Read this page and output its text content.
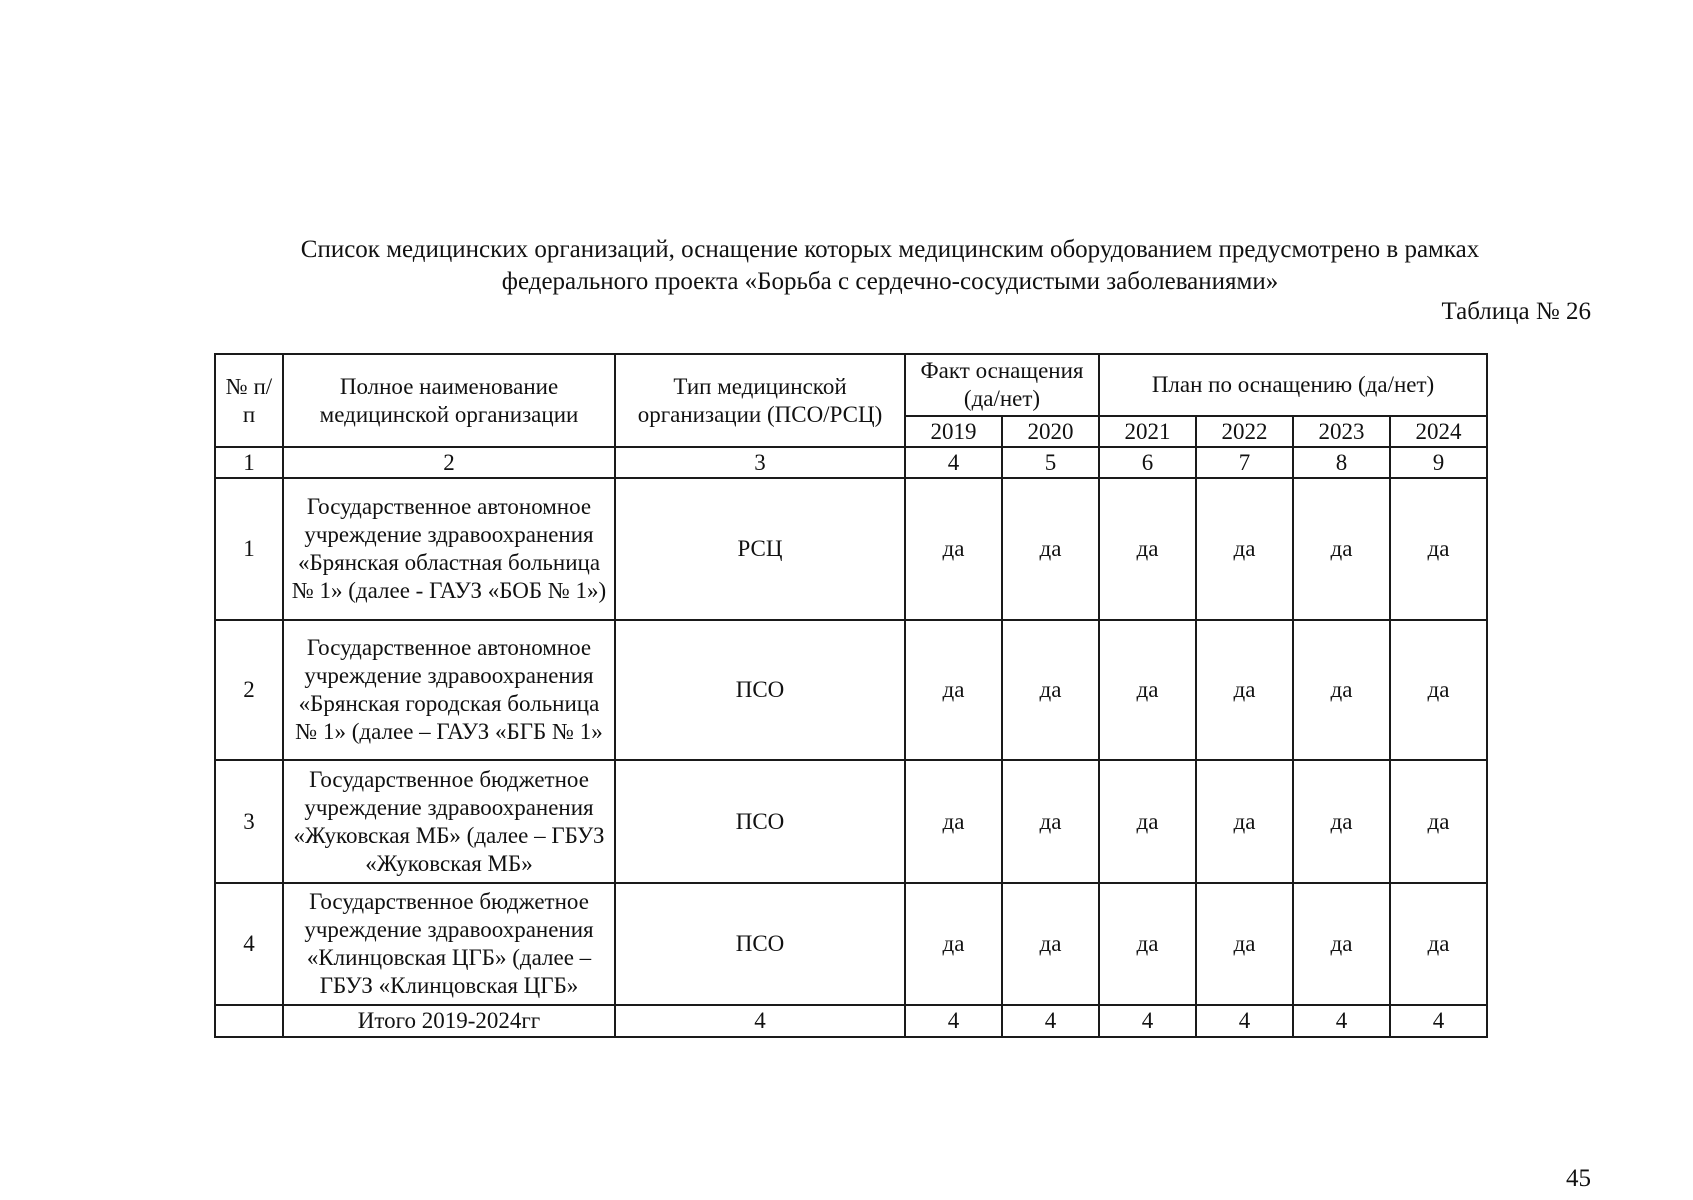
Список медицинских организаций, оснащение которых медицинским оборудованием предусмотрено в рамках
федерального проекта «Борьба с сердечно-сосудистыми заболеваниями»
Таблица № 26
№ п/п	Полное наименование медицинской организации	Тип медицинской организации (ПСО/РСЦ)	Факт оснащения (да/нет)		План по оснащению (да/нет)			
			2019	2020	2021	2022	2023	2024
1	2	3	4	5	6	7	8	9
1	Государственное автономное учреждение здравоохранения «Брянская областная больница № 1» (далее - ГАУЗ «БОБ № 1»)	РСЦ	да	да	да	да	да	да
2	Государственное автономное учреждение здравоохранения «Брянская городская больница № 1» (далее – ГАУЗ «БГБ № 1»	ПСО	да	да	да	да	да	да
3	Государственное бюджетное учреждение здравоохранения «Жуковская МБ» (далее – ГБУЗ «Жуковская МБ»	ПСО	да	да	да	да	да	да
4	Государственное бюджетное учреждение здравоохранения «Клинцовская ЦГБ» (далее – ГБУЗ «Клинцовская ЦГБ»	ПСО	да	да	да	да	да	да
	Итого 2019-2024гг	4	4	4	4	4	4	4
45
